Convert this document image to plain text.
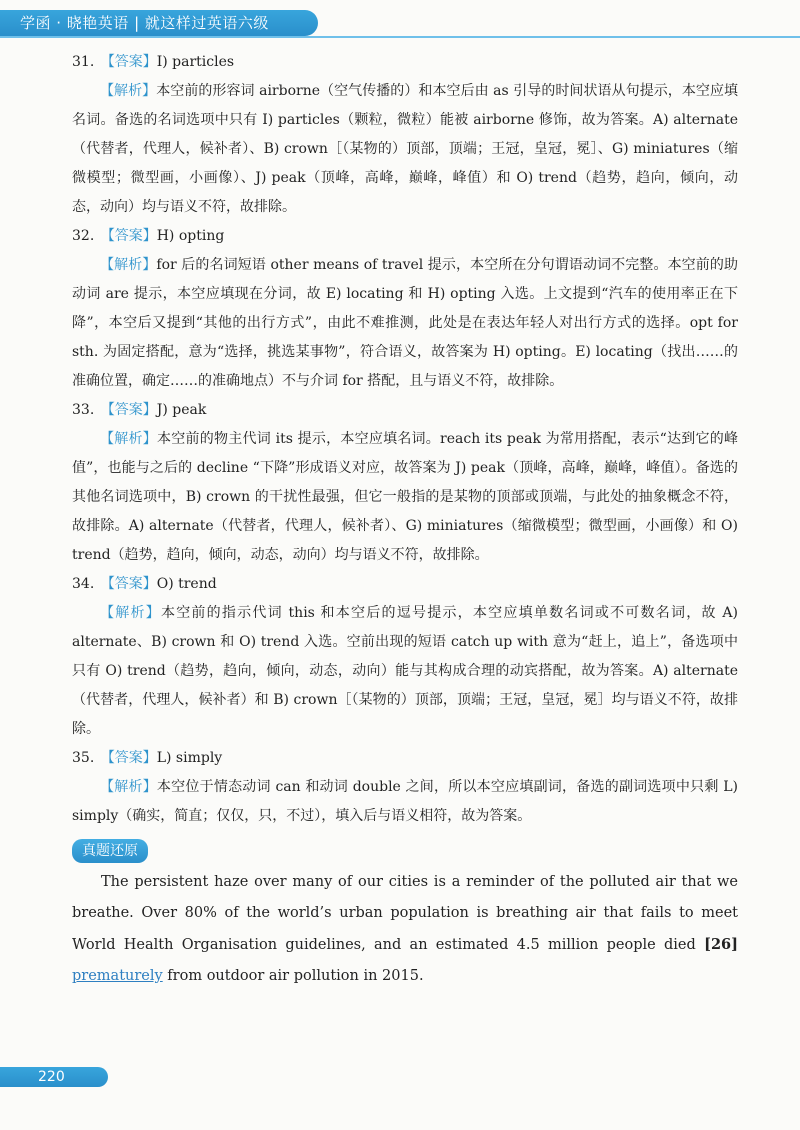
学函 · 晓艳英语 | 就这样过英语六级
31. 【答案】I) particles

【解析】本空前的形容词 airborne（空气传播的）和本空后由 as 引导的时间状语从句提示，本空应填名词。备选的名词选项中只有 I) particles（颗粒，微粒）能被 airborne 修饰，故为答案。A) alternate（代替者，代理人，候补者）、B) crown［（某物的）顶部，顶端；王冠，皇冠，冕］、G) miniatures（缩微模型；微型画，小画像）、J) peak（顶峰，高峰，巅峰，峰值）和 O) trend（趋势，趋向，倾向，动态，动向）均与语义不符，故排除。

32. 【答案】H) opting

【解析】for 后的名词短语 other means of travel 提示，本空所在分句谓语动词不完整。本空前的助动词 are 提示，本空应填现在分词，故 E) locating 和 H) opting 入选。上文提到“汽车的使用率正在下降”，本空后又提到“其他的出行方式”，由此不难推测，此处是在表达年轻人对出行方式的选择。opt for sth. 为固定搭配，意为“选择，挑选某事物”，符合语义，故答案为 H) opting。E) locating（找出……的准确位置，确定……的准确地点）不与介词 for 搭配，且与语义不符，故排除。

33. 【答案】J) peak

【解析】本空前的物主代词 its 提示，本空应填名词。reach its peak 为常用搭配，表示“达到它的峰值”，也能与之后的 decline “下降”形成语义对应，故答案为 J) peak（顶峰，高峰，巅峰，峰值）。备选的其他名词选项中，B) crown 的干扰性最强，但它一般指的是某物的顶部或顶端，与此处的抽象概念不符，故排除。A) alternate（代替者，代理人，候补者）、G) miniatures（缩微模型；微型画，小画像）和 O) trend（趋势，趋向，倾向，动态，动向）均与语义不符，故排除。

34. 【答案】O) trend

【解析】本空前的指示代词 this 和本空后的逗号提示，本空应填单数名词或不可数名词，故 A) alternate、B) crown 和 O) trend 入选。空前出现的短语 catch up with 意为“赶上，追上”，备选项中只有 O) trend（趋势，趋向，倾向，动态，动向）能与其构成合理的动宾搭配，故为答案。A) alternate（代替者，代理人，候补者）和 B) crown［（某物的）顶部，顶端；王冠，皇冠，冕］均与语义不符，故排除。

35. 【答案】L) simply

【解析】本空位于情态动词 can 和动词 double 之间，所以本空应填副词，备选的副词选项中只剩 L) simply（确实，简直；仅仅，只，不过），填入后与语义相符，故为答案。

真题还原

The persistent haze over many of our cities is a reminder of the polluted air that we breathe. Over 80% of the world’s urban population is breathing air that fails to meet World Health Organisation guidelines, and an estimated 4.5 million people died [26] prematurely from outdoor air pollution in 2015.

220
